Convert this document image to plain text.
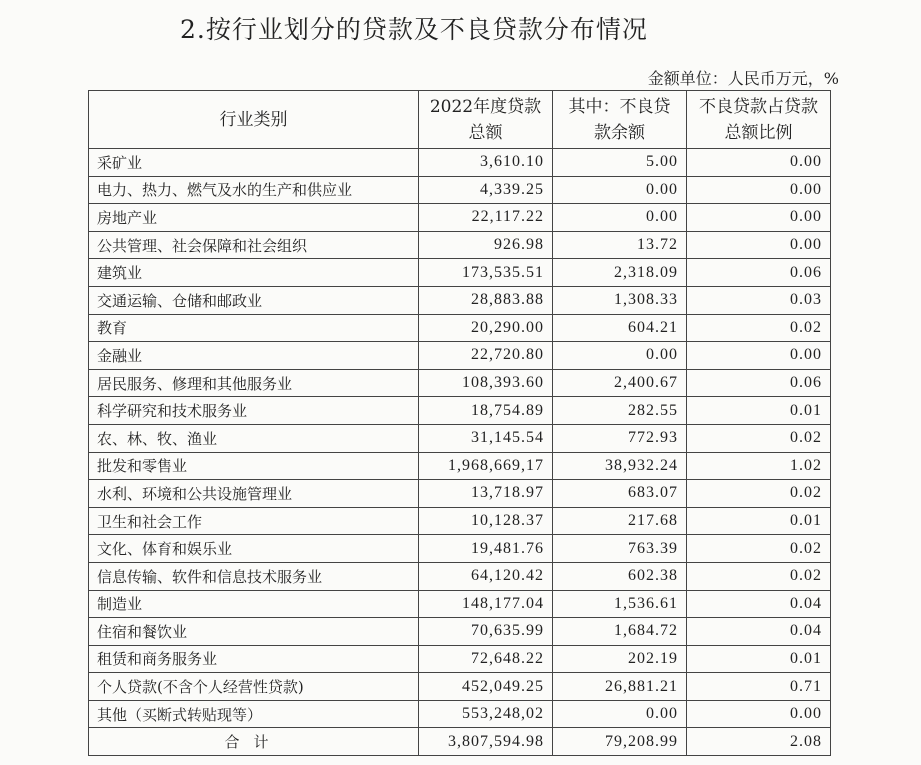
2.按行业划分的贷款及不良贷款分布情况
金额单位：人民币万元，%
行业类别	2022年度贷款总额	其中：不良贷款余额	不良贷款占贷款总额比例
采矿业	3,610.10	5.00	0.00
电力、热力、燃气及水的生产和供应业	4,339.25	0.00	0.00
房地产业	22,117.22	0.00	0.00
公共管理、社会保障和社会组织	926.98	13.72	0.00
建筑业	173,535.51	2,318.09	0.06
交通运输、仓储和邮政业	28,883.88	1,308.33	0.03
教育	20,290.00	604.21	0.02
金融业	22,720.80	0.00	0.00
居民服务、修理和其他服务业	108,393.60	2,400.67	0.06
科学研究和技术服务业	18,754.89	282.55	0.01
农、林、牧、渔业	31,145.54	772.93	0.02
批发和零售业	1,968,669,17	38,932.24	1.02
水利、环境和公共设施管理业	13,718.97	683.07	0.02
卫生和社会工作	10,128.37	217.68	0.01
文化、体育和娱乐业	19,481.76	763.39	0.02
信息传输、软件和信息技术服务业	64,120.42	602.38	0.02
制造业	148,177.04	1,536.61	0.04
住宿和餐饮业	70,635.99	1,684.72	0.04
租赁和商务服务业	72,648.22	202.19	0.01
个人贷款(不含个人经营性贷款)	452,049.25	26,881.21	0.71
其他（买断式转贴现等）	553,248,02	0.00	0.00
合计	3,807,594.98	79,208.99	2.08
